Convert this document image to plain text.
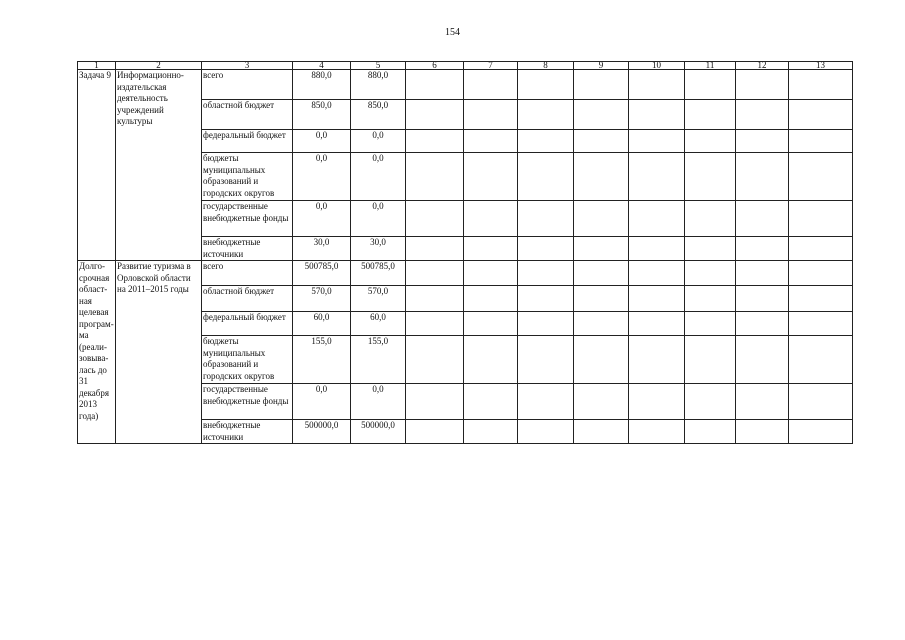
154
1	2	3	4	5	6	7	8	9	10	11	12	13
Задача 9	Информационно-издательская деятельность учреждений культуры	всего	880,0	880,0								
		областной бюджет	850,0	850,0								
		федеральный бюджет	0,0	0,0								
		бюджеты муниципальных образований и городских округов	0,0	0,0								
		государственные внебюджетные фонды	0,0	0,0								
		внебюджетные источники	30,0	30,0								
Долго-срочная област-ная целевая програм-ма (реали-зовыва-лась до 31 декабря 2013 года)	Развитие туризма в Орловской области на 2011–2015 годы	всего	500785,0	500785,0								
		областной бюджет	570,0	570,0								
		федеральный бюджет	60,0	60,0								
		бюджеты муниципальных образований и городских округов	155,0	155,0								
		государственные внебюджетные фонды	0,0	0,0								
		внебюджетные источники	500000,0	500000,0								
